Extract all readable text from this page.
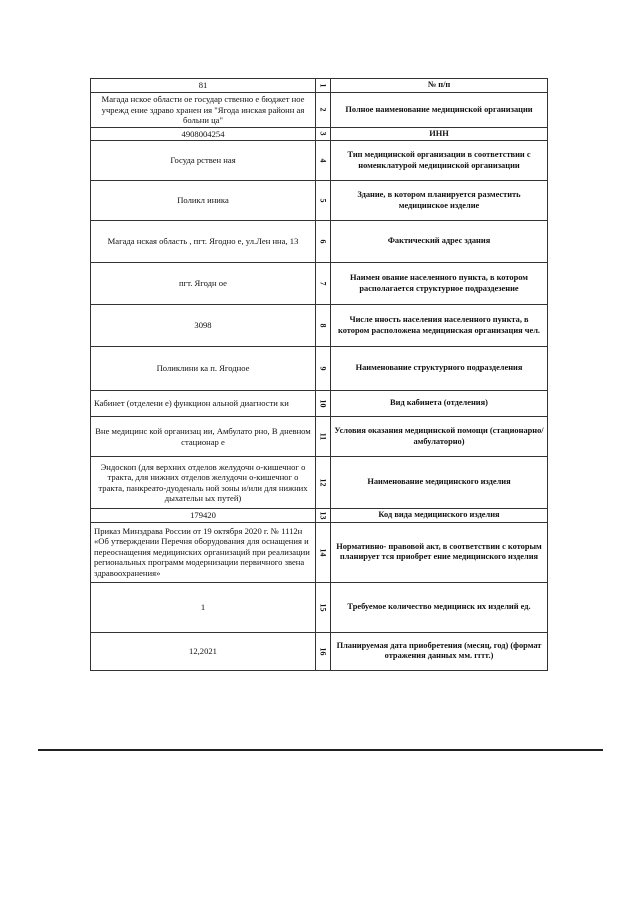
81	1	№ п/п
Магада нское области ое государ ственно е бюджет ное учрежд ение здраво хранен ия "Ягода инская районн ая больни ца"	2	Полное наименование медицинской организации
4908004254	3	ИНН
Госуда рствен ная	4	Тип медицинской организации в соответствии с номенклатурой медицинской организации
Поликл иника	5	Здание, в котором планируется разместить медицинское изделие
Магада нская область , пгт. Ягодно е, ул.Лен нна, 13	6	Фактический адрес здания
пгт. Ягодн ое	7	Наимен ование населенного пункта, в котором располагается структурное подраздезение
3098	8	Числе нность населения населенного пункта, в котором расположена медицинская организация чел.
Поликлини ка п. Ягодное	9	Наименование структурного подразделения
Кабинет (отделени е) функцион альной диагности ки	10	Вид кабинета (отделения)
Вне медицинс кой организац ии, Амбулато рно, В дневном стационар е	11	Условия оказания медицинской помощи (стационарно/амбулаторно)
Эндоскоп (для верхних отделов желудочн о-кишечног о тракта, для нижних отделов желудочн о-кишечног о тракта, панкреато-дуоденаль ной зоны и/или для нижних дыхательн ых путей)	12	Наименование медицинского изделия
179420	13	Код вида медицинского изделия
Приказ Минздрава России от 19 октября 2020 г. № 1112н «Об утверждении Перечня оборудования для оснащения и переоснащения медицинских организаций при реализации региональных программ модернизации первичного звена здравоохранения»	14	Нормативно- правовой акт, в соответствии с которым планирует тся приобрет ение медицинского изделия
1	15	Требуемое количество медицинск их изделий ед.
12,2021	16	Планируемая дата приобретения (месяц, год) (формат отражения данных мм. гггг.)
